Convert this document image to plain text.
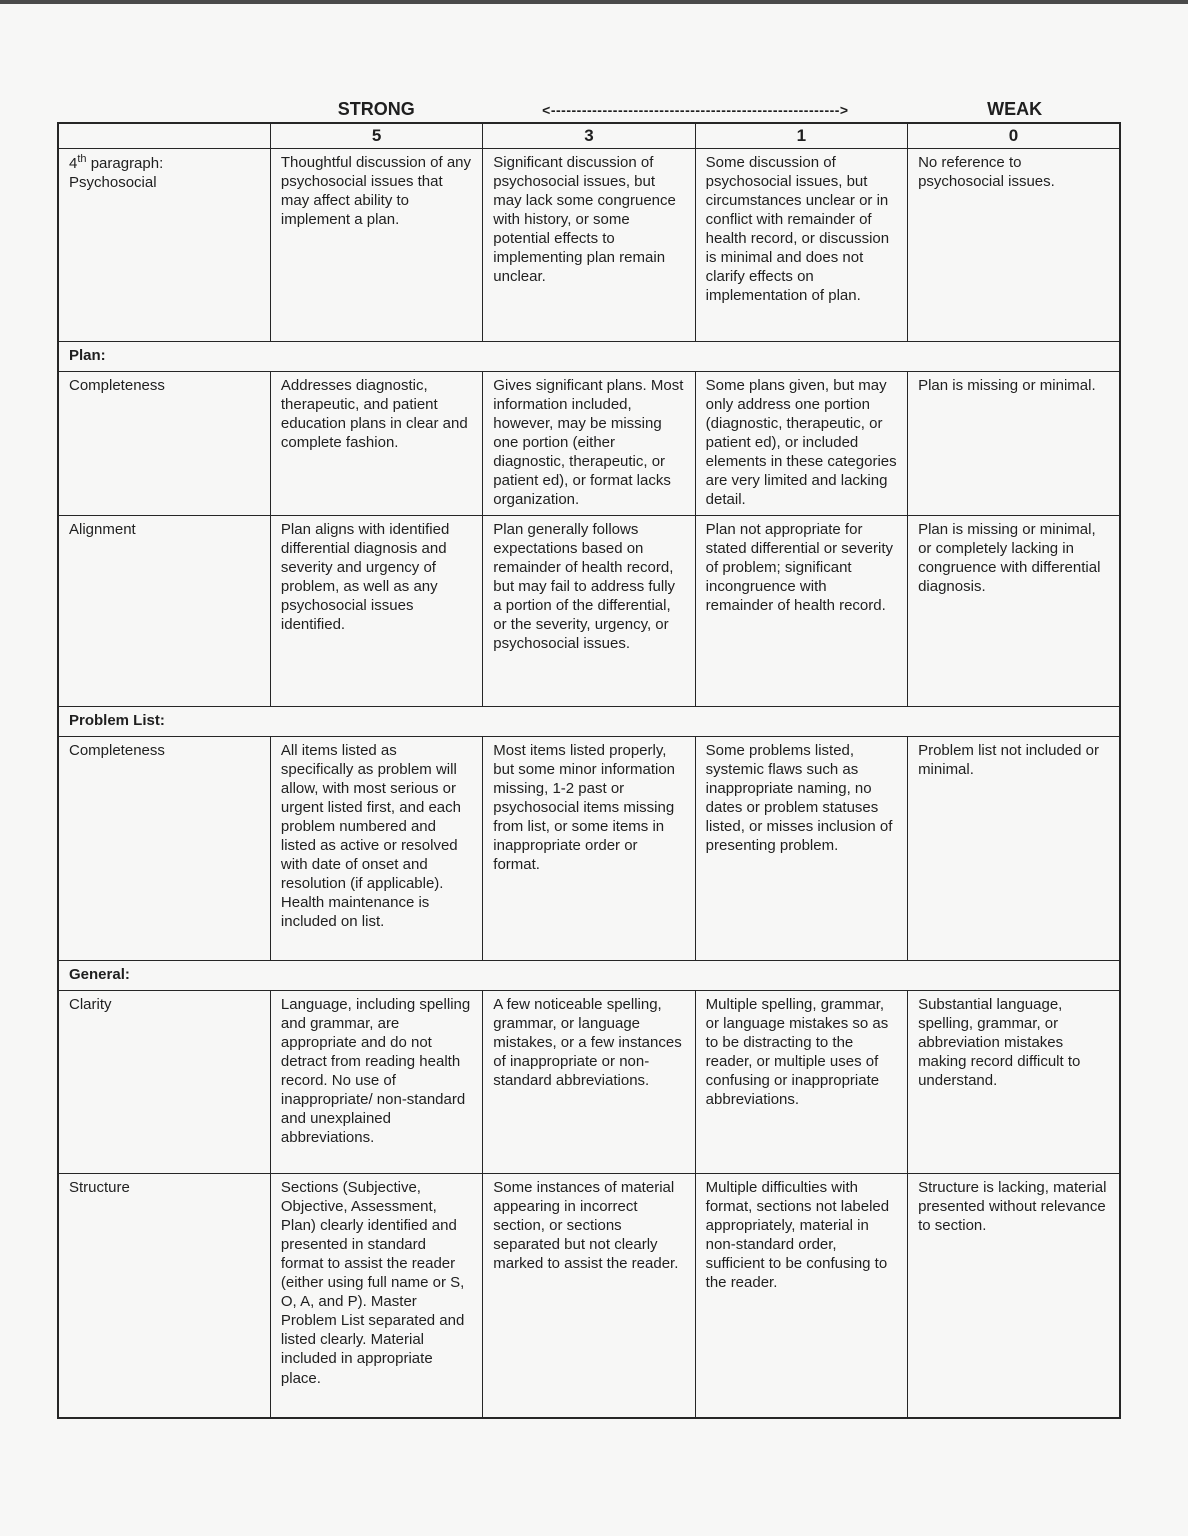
STRONG	<-------------------------------------------------------->	WEAK
	5	3	1	0
4th paragraph:
Psychosocial	Thoughtful discussion of any psychosocial issues that may affect ability to implement a plan.	Significant discussion of psychosocial issues, but may lack some congruence with history, or some potential effects to implementing plan remain unclear.	Some discussion of psychosocial issues, but circumstances unclear or in conflict with remainder of health record, or discussion is minimal and does not clarify effects on implementation of plan.	No reference to psychosocial issues.
Plan:				
Completeness	Addresses diagnostic, therapeutic, and patient education plans in clear and complete fashion.	Gives significant plans. Most information included, however, may be missing one portion (either diagnostic, therapeutic, or patient ed), or format lacks organization.	Some plans given, but may only address one portion (diagnostic, therapeutic, or patient ed), or included elements in these categories are very limited and lacking detail.	Plan is missing or minimal.
Alignment	Plan aligns with identified differential diagnosis and severity and urgency of problem, as well as any psychosocial issues identified.	Plan generally follows expectations based on remainder of health record, but may fail to address fully a portion of the differential, or the severity, urgency, or psychosocial issues.	Plan not appropriate for stated differential or severity of problem; significant incongruence with remainder of health record.	Plan is missing or minimal, or completely lacking in congruence with differential diagnosis.
Problem List:				
Completeness	All items listed as specifically as problem will allow, with most serious or urgent listed first, and each problem numbered and listed as active or resolved with date of onset and resolution (if applicable). Health maintenance is included on list.	Most items listed properly, but some minor information missing, 1-2 past or psychosocial items missing from list, or some items in inappropriate order or format.	Some problems listed, systemic flaws such as inappropriate naming, no dates or problem statuses listed, or misses inclusion of presenting problem.	Problem list not included or minimal.
General:				
Clarity	Language, including spelling and grammar, are appropriate and do not detract from reading health record. No use of inappropriate/ non-standard and unexplained abbreviations.	A few noticeable spelling, grammar, or language mistakes, or a few instances of inappropriate or non-standard abbreviations.	Multiple spelling, grammar, or language mistakes so as to be distracting to the reader, or multiple uses of confusing or inappropriate abbreviations.	Substantial language, spelling, grammar, or abbreviation mistakes making record difficult to understand.
Structure	Sections (Subjective, Objective, Assessment, Plan) clearly identified and presented in standard format to assist the reader (either using full name or S, O, A, and P). Master Problem List separated and listed clearly. Material included in appropriate place.	Some instances of material appearing in incorrect section, or sections separated but not clearly marked to assist the reader.	Multiple difficulties with format, sections not labeled appropriately, material in non-standard order, sufficient to be confusing to the reader.	Structure is lacking, material presented without relevance to section.
